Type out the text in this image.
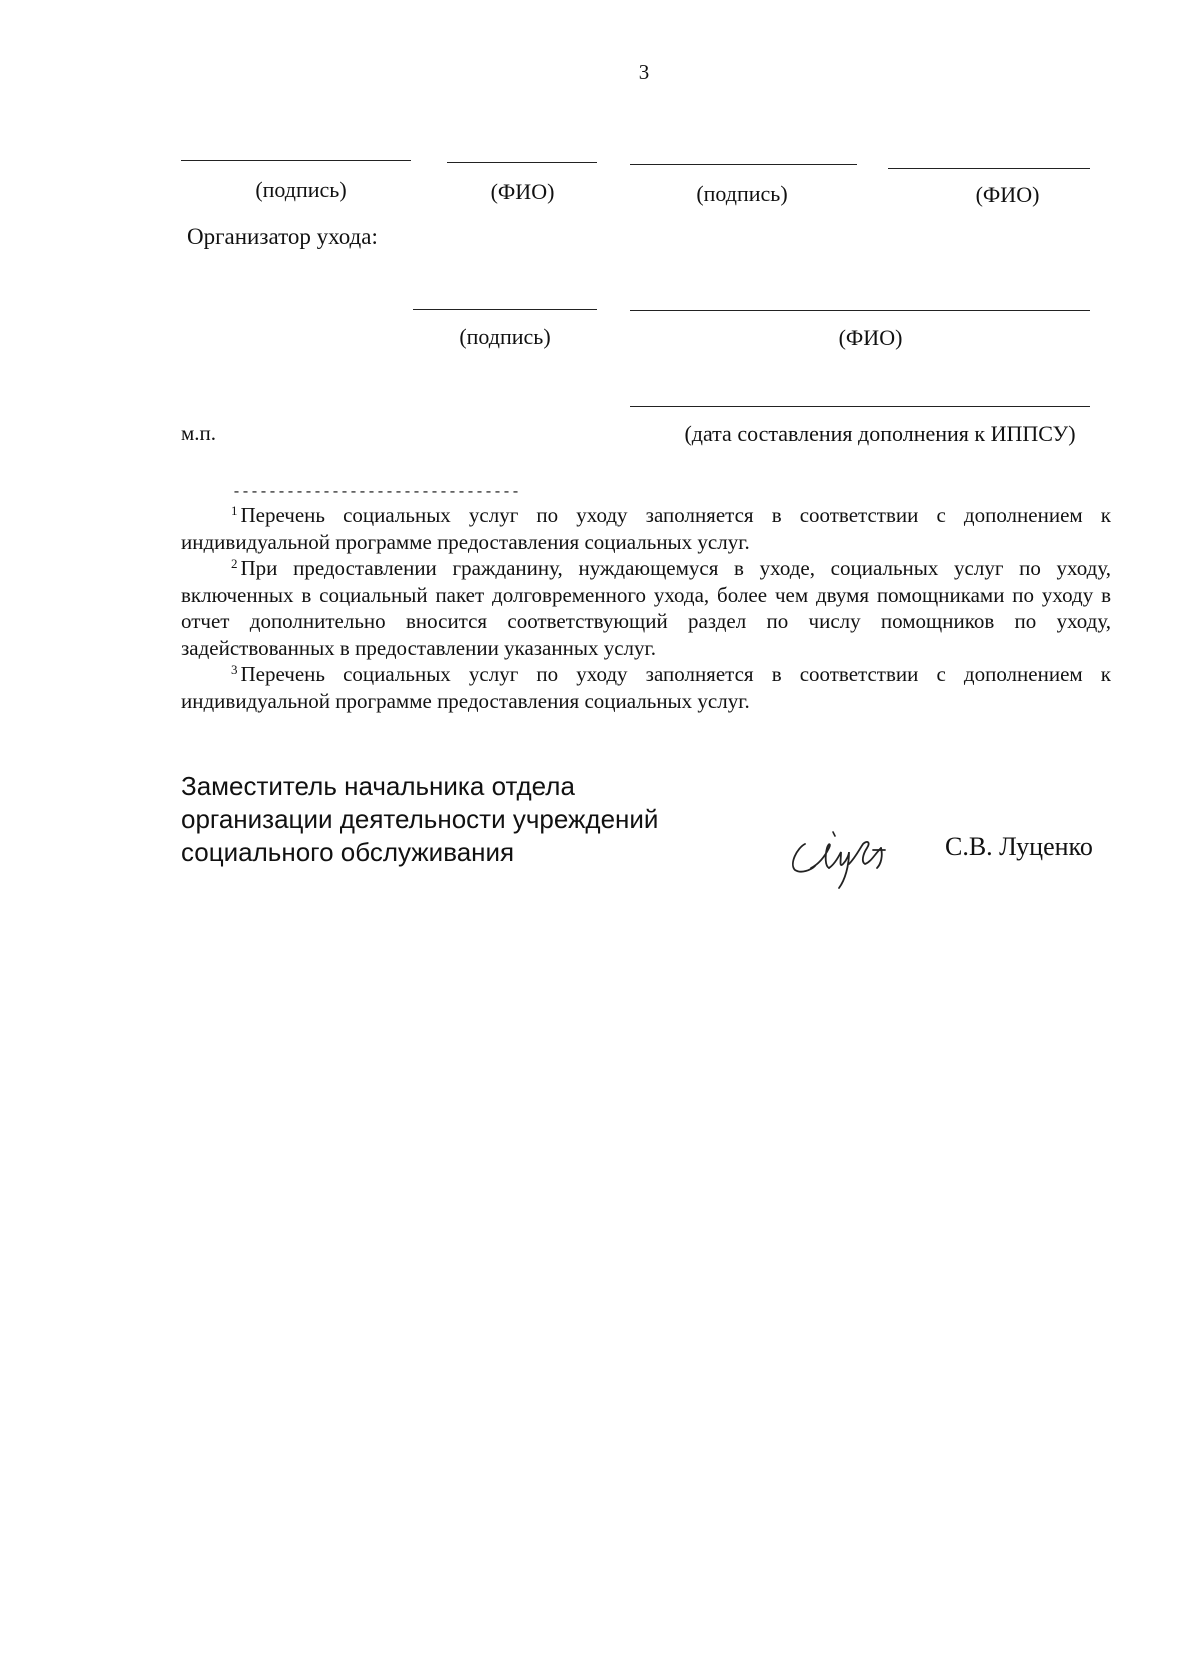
3
(подпись)	(ФИО)	(подпись)	(ФИО)
Организатор ухода:
(подпись)	(ФИО)
м.п.	(дата составления дополнения к ИППСУ)
--------------------------------

$^1$ Перечень социальных услуг по уходу заполняется в соответствии с дополнением к индивидуальной программе предоставления социальных услуг.

$^2$ При предоставлении гражданину, нуждающемуся в уходе, социальных услуг по уходу, включенных в социальный пакет долговременного ухода, более чем двумя помощниками по уходу в отчет дополнительно вносится соответствующий раздел по числу помощников по уходу, задействованных в предоставлении указанных услуг.

$^3$ Перечень социальных услуг по уходу заполняется в соответствии с дополнением к индивидуальной программе предоставления социальных услуг.

Заместитель начальника отдела
организации деятельности учреждений
социального обслуживания	С.В. Луценко
